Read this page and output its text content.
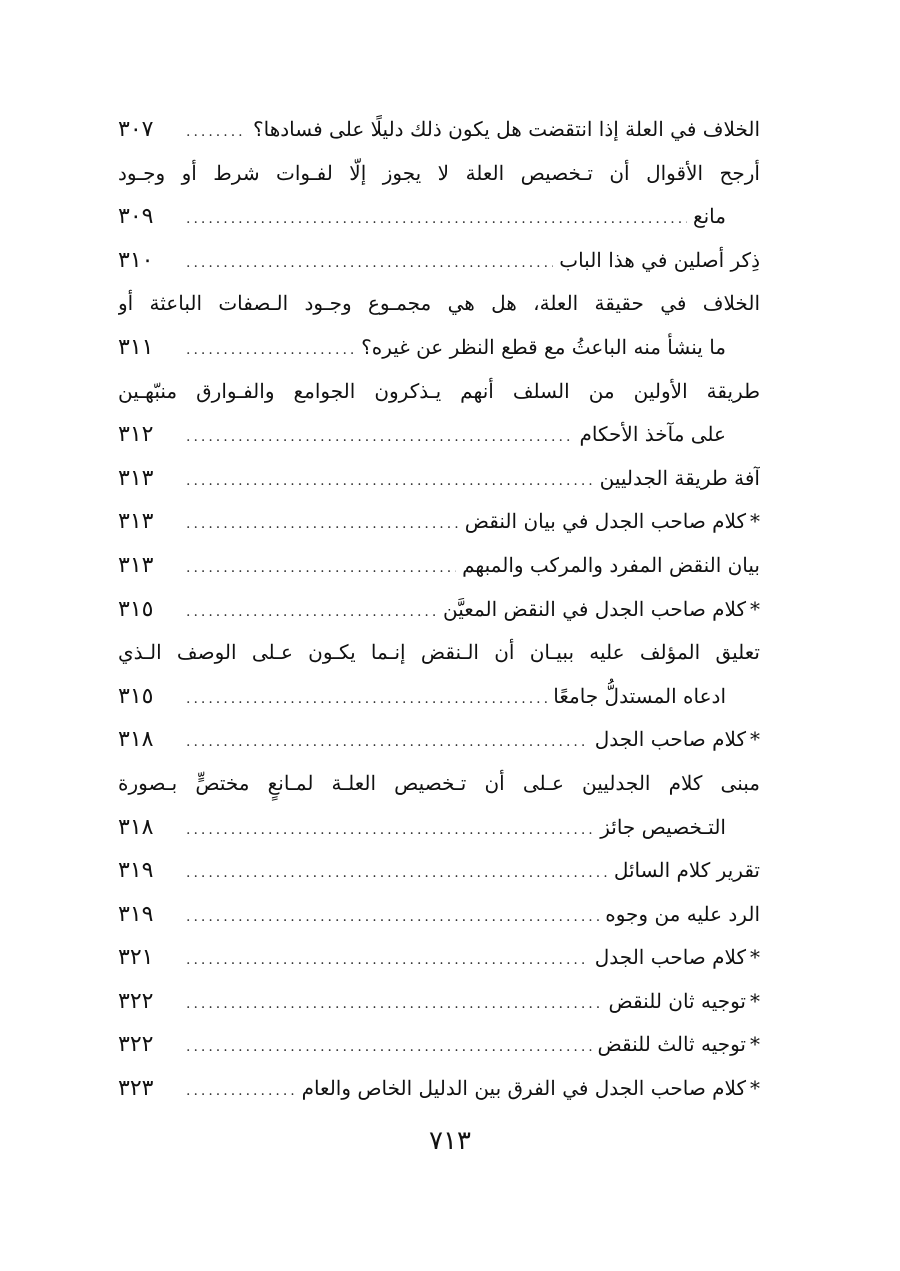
الخلاف في العلة إذا انتقضت هل يكون ذلك دليلًا على فسادها؟
.....
٣٠٧
أرجح الأقوال أن تـخصيص العلة لا يجوز إلّا لفـوات شرط أو وجـود
مانع
.....
٣٠٩
ذِكر أصلين في هذا الباب
.....
٣١٠
الخلاف في حقيقة العلة، هل هي مجمـوع وجـود الـصفات الباعثة أو
ما ينشأ منه الباعثُ مع قطع النظر عن غيره؟
.....
٣١١
طريقة الأولين من السلف أنهم يـذكرون الجوامع والفـوارق منبّهـين
على مآخذ الأحكام
.....
٣١٢
آفة طريقة الجدليين
.....
٣١٣
*كلام صاحب الجدل في بيان النقض
.....
٣١٣
بيان النقض المفرد والمركب والمبهم
.....
٣١٣
*كلام صاحب الجدل في النقض المعيَّن
.....
٣١٥
تعليق المؤلف عليه ببيـان أن الـنقض إنـما يكـون عـلى الوصف الـذي
ادعاه المستدلُّ جامعًا
.....
٣١٥
*كلام صاحب الجدل
.....
٣١٨
مبنى كلام الجدليين عـلى أن تـخصيص العلـة لمـانعٍ مختصٍّ بـصورة
التـخصيص جائز
.....
٣١٨
تقرير كلام السائل
.....
٣١٩
الرد عليه من وجوه
.....
٣١٩
*كلام صاحب الجدل
.....
٣٢١
*توجيه ثان للنقض
.....
٣٢٢
*توجيه ثالث للنقض
.....
٣٢٢
*كلام صاحب الجدل في الفرق بين الدليل الخاص والعام
.....
٣٢٣
٧١٣
